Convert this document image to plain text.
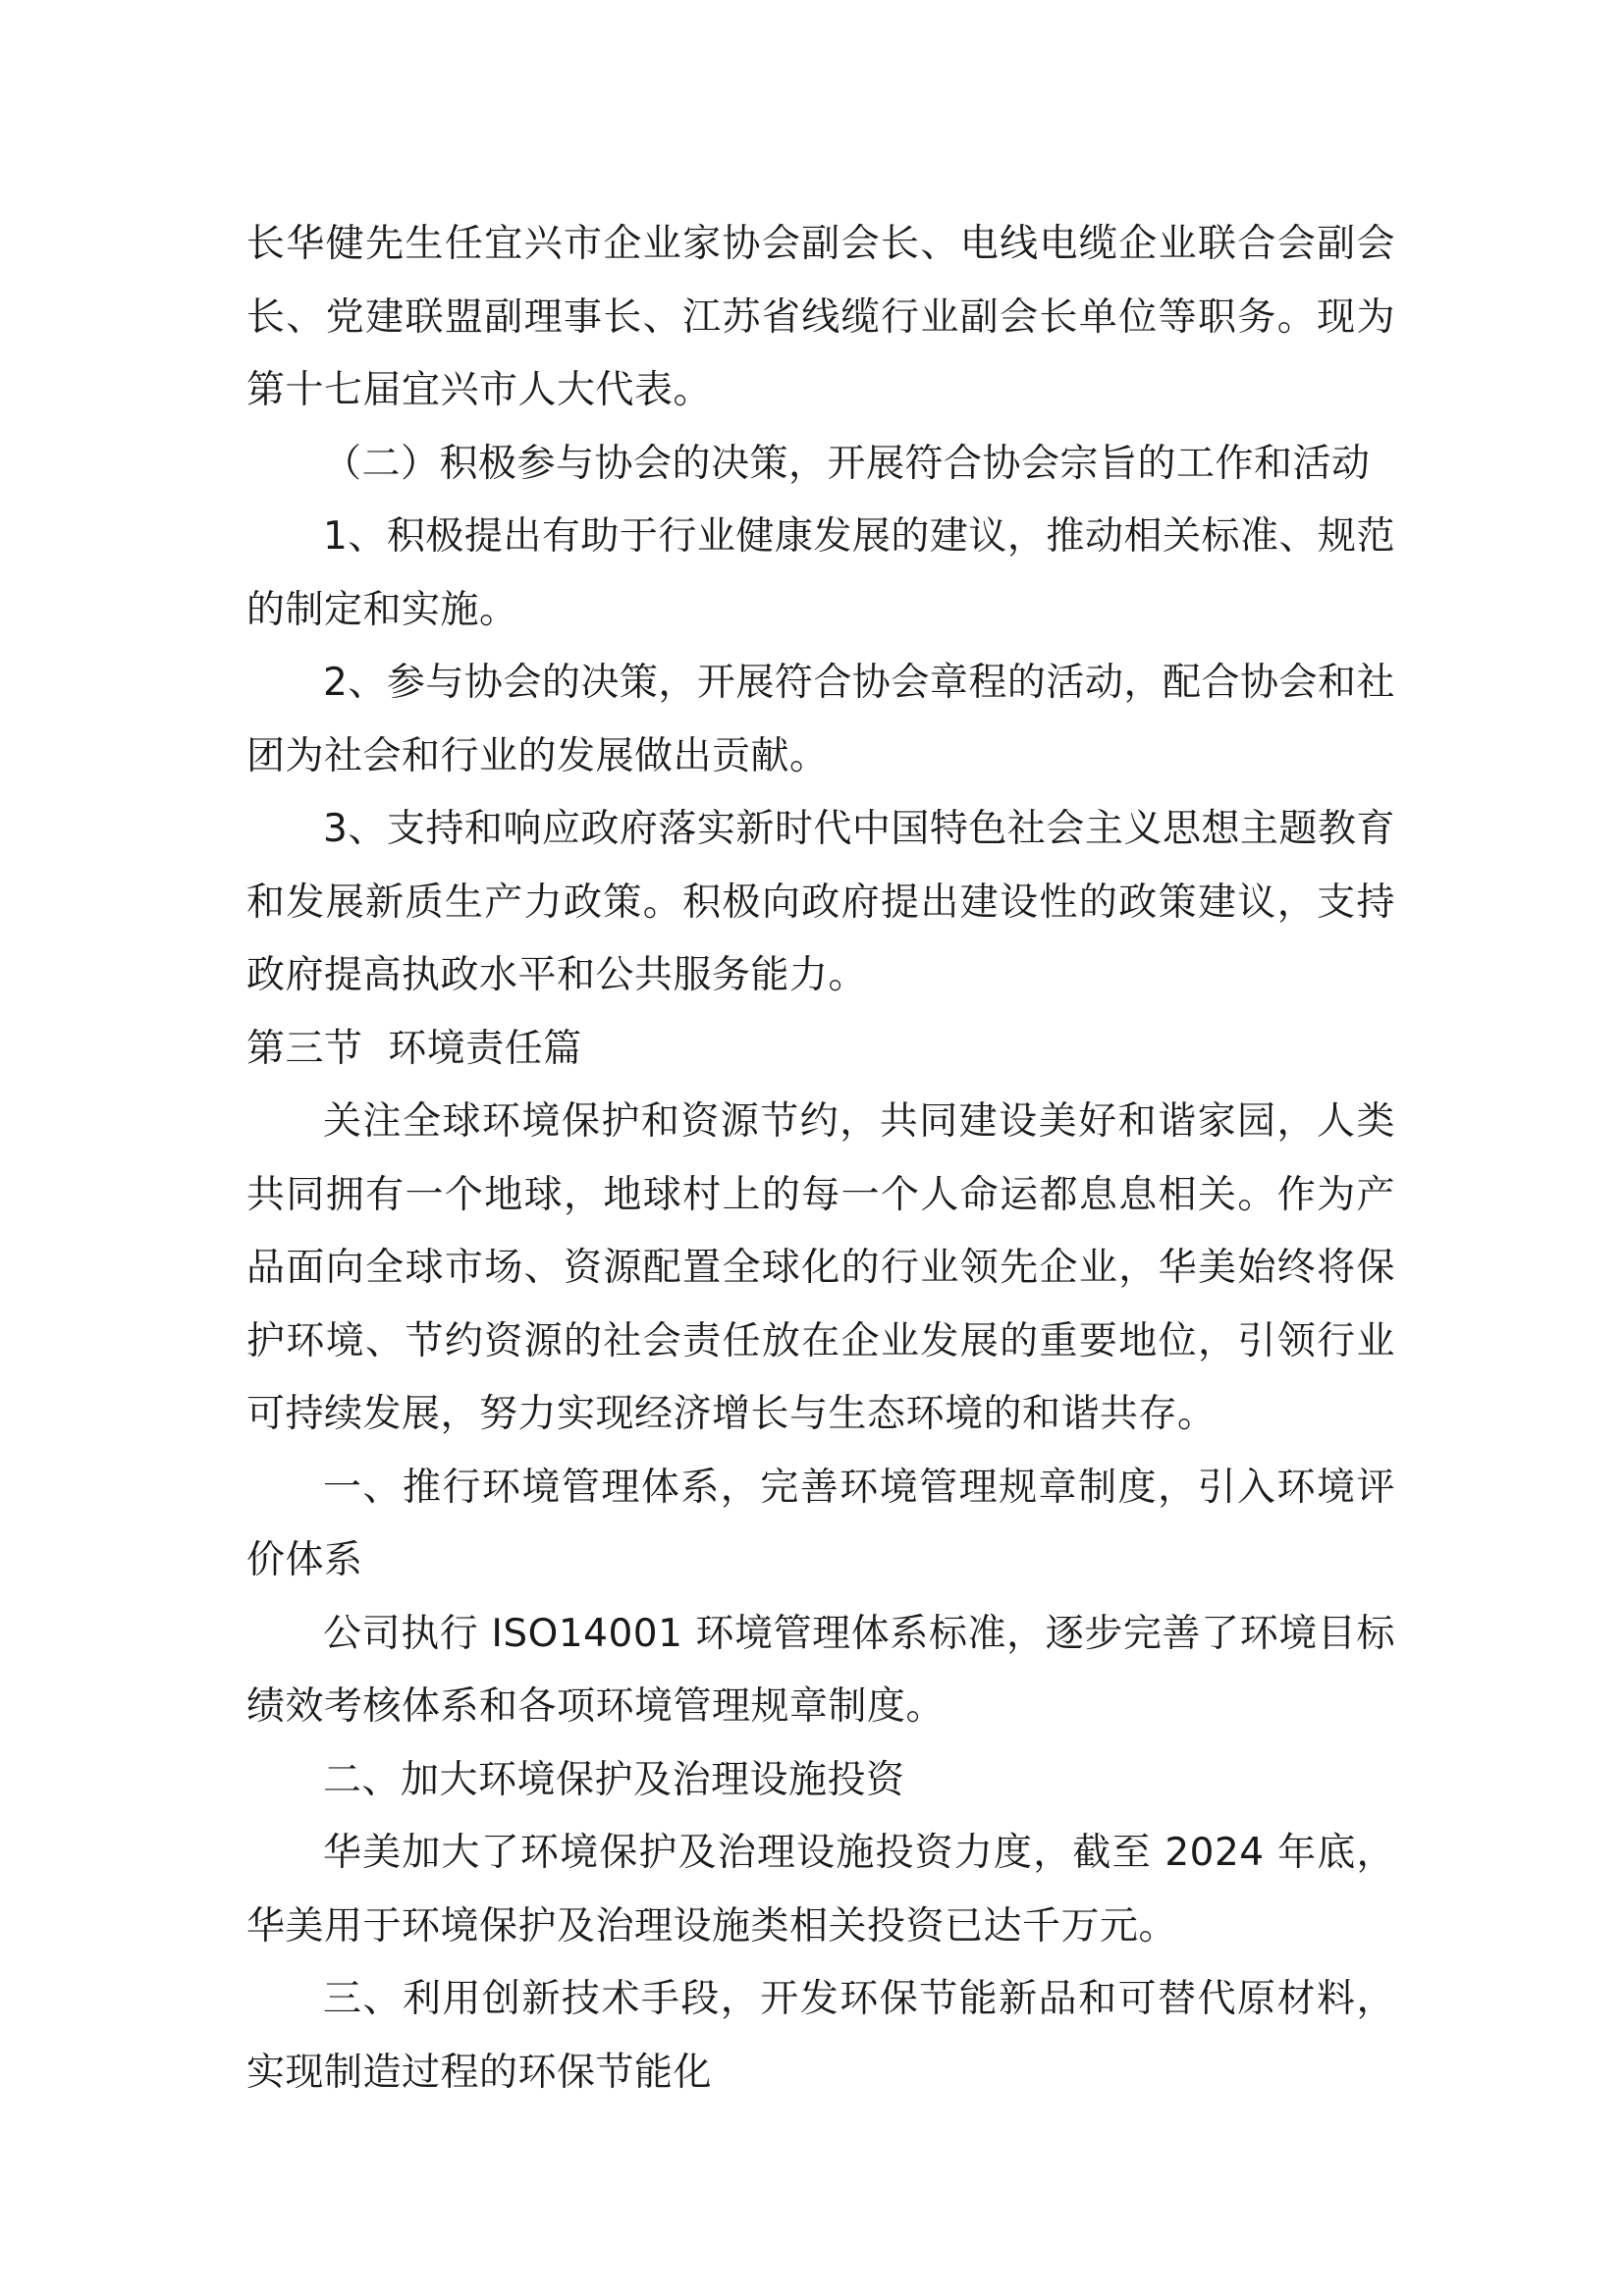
长华健先生任宜兴市企业家协会副会长、电线电缆企业联合会副会长、党建联盟副理事长、江苏省线缆行业副会长单位等职务。现为第十七届宜兴市人大代表。

（二）积极参与协会的决策，开展符合协会宗旨的工作和活动

1、积极提出有助于行业健康发展的建议，推动相关标准、规范的制定和实施。

2、参与协会的决策，开展符合协会章程的活动，配合协会和社团为社会和行业的发展做出贡献。

3、支持和响应政府落实新时代中国特色社会主义思想主题教育和发展新质生产力政策。积极向政府提出建设性的政策建议，支持政府提高执政水平和公共服务能力。

第三节  环境责任篇

关注全球环境保护和资源节约，共同建设美好和谐家园，人类共同拥有一个地球，地球村上的每一个人命运都息息相关。作为产品面向全球市场、资源配置全球化的行业领先企业，华美始终将保护环境、节约资源的社会责任放在企业发展的重要地位，引领行业可持续发展，努力实现经济增长与生态环境的和谐共存。

一、推行环境管理体系，完善环境管理规章制度，引入环境评价体系

公司执行 ISO14001 环境管理体系标准，逐步完善了环境目标绩效考核体系和各项环境管理规章制度。

二、加大环境保护及治理设施投资

华美加大了环境保护及治理设施投资力度，截至 2024 年底，华美用于环境保护及治理设施类相关投资已达千万元。

三、利用创新技术手段，开发环保节能新品和可替代原材料，实现制造过程的环保节能化
